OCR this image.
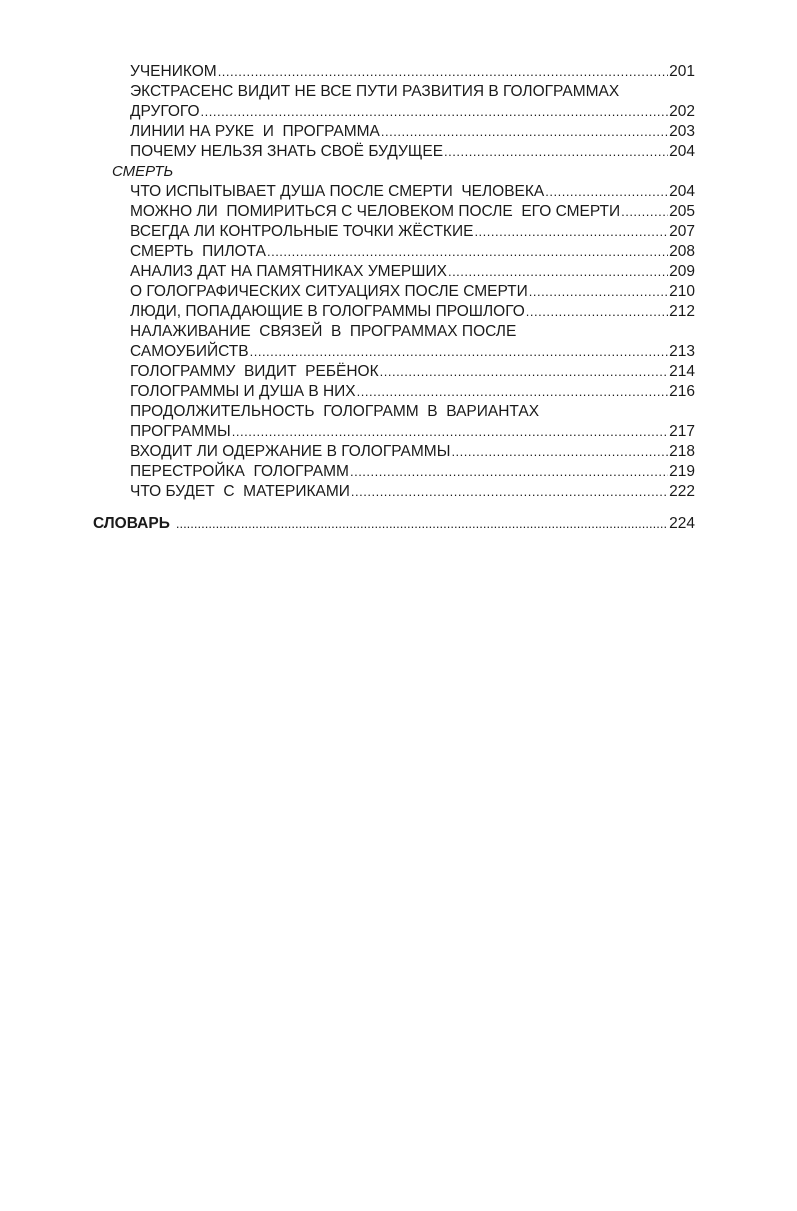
УЧЕНИКОМ .....	201
ЭКСТРАСЕНС ВИДИТ НЕ ВСЕ ПУТИ РАЗВИТИЯ В ГОЛОГРАММАХ
ДРУГОГО .....	202
ЛИНИИ НА РУКЕ  И  ПРОГРАММА .....	203
ПОЧЕМУ НЕЛЬЗЯ ЗНАТЬ СВОЁ БУДУЩЕЕ .....	204
СМЕРТЬ
ЧТО ИСПЫТЫВАЕТ ДУША ПОСЛЕ СМЕРТИ  ЧЕЛОВЕКА .....	204
МОЖНО ЛИ  ПОМИРИТЬСЯ С ЧЕЛОВЕКОМ ПОСЛЕ  ЕГО СМЕРТИ .....	205
ВСЕГДА ЛИ КОНТРОЛЬНЫЕ ТОЧКИ ЖЁСТКИЕ .....	207
СМЕРТЬ  ПИЛОТА .....	208
АНАЛИЗ ДАТ НА ПАМЯТНИКАХ УМЕРШИХ .....	209
О ГОЛОГРАФИЧЕСКИХ СИТУАЦИЯХ ПОСЛЕ СМЕРТИ .....	210
ЛЮДИ, ПОПАДАЮЩИЕ В ГОЛОГРАММЫ ПРОШЛОГО .....	212
НАЛАЖИВАНИЕ  СВЯЗЕЙ  В  ПРОГРАММАХ ПОСЛЕ
САМОУБИЙСТВ .....	213
ГОЛОГРАММУ  ВИДИТ  РЕБЁНОК .....	214
ГОЛОГРАММЫ И ДУША В НИХ .....	216
ПРОДОЛЖИТЕЛЬНОСТЬ  ГОЛОГРАММ  В  ВАРИАНТАХ
ПРОГРАММЫ .....	217
ВХОДИТ ЛИ ОДЕРЖАНИЕ В ГОЛОГРАММЫ .....	218
ПЕРЕСТРОЙКА  ГОЛОГРАММ .....	219
ЧТО БУДЕТ  С  МАТЕРИКАМИ .....	222
СЛОВАРЬ .....	224
